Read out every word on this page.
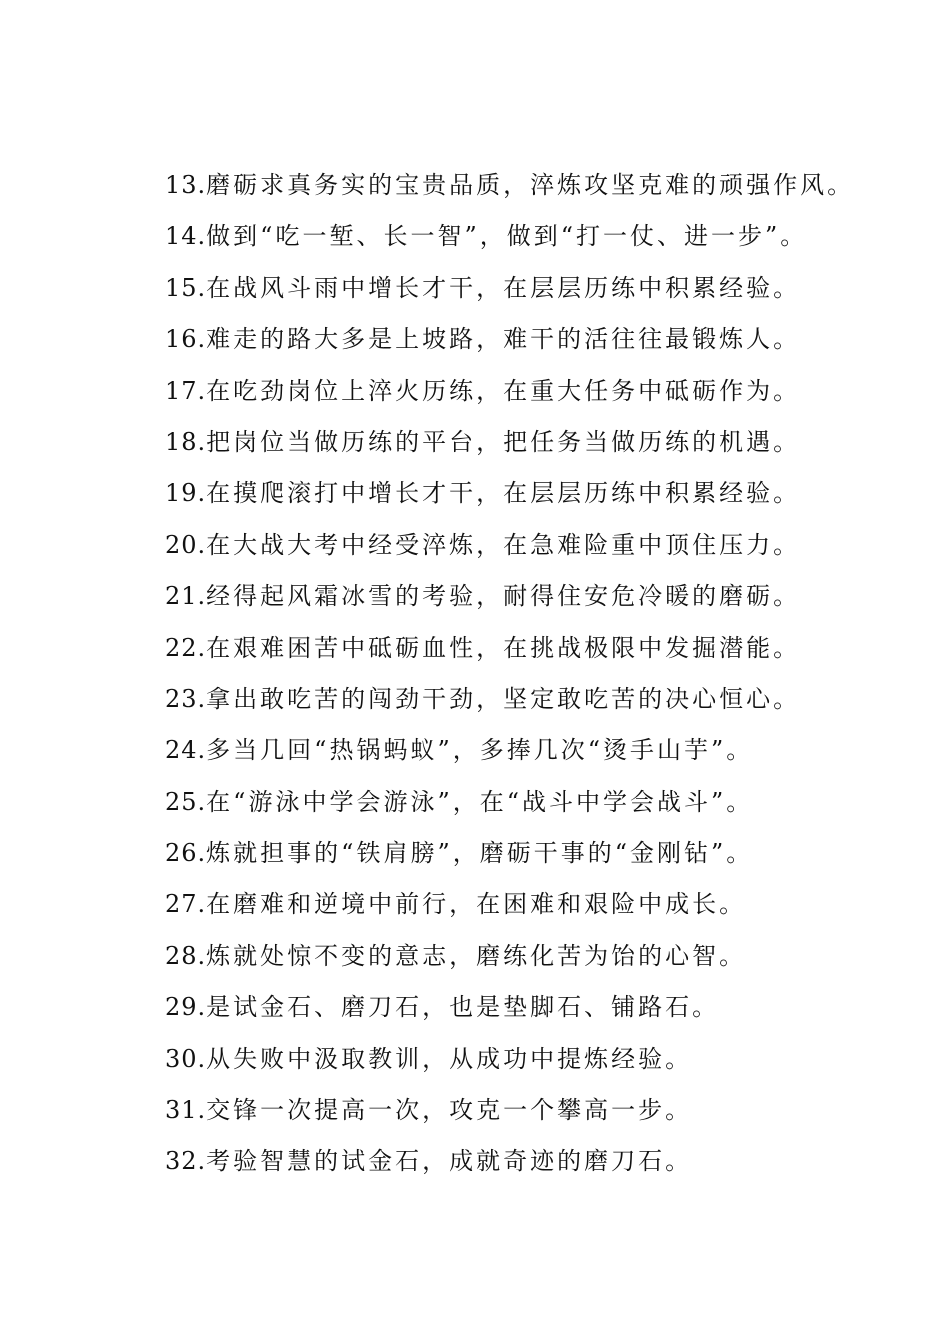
13.磨砺求真务实的宝贵品质，淬炼攻坚克难的顽强作风。
14.做到“吃一堑、长一智”，做到“打一仗、进一步”。
15.在战风斗雨中增长才干，在层层历练中积累经验。
16.难走的路大多是上坡路，难干的活往往最锻炼人。
17.在吃劲岗位上淬火历练，在重大任务中砥砺作为。
18.把岗位当做历练的平台，把任务当做历练的机遇。
19.在摸爬滚打中增长才干，在层层历练中积累经验。
20.在大战大考中经受淬炼，在急难险重中顶住压力。
21.经得起风霜冰雪的考验，耐得住安危冷暖的磨砺。
22.在艰难困苦中砥砺血性，在挑战极限中发掘潜能。
23.拿出敢吃苦的闯劲干劲，坚定敢吃苦的决心恒心。
24.多当几回“热锅蚂蚁”，多捧几次“烫手山芋”。
25.在“游泳中学会游泳”，在“战斗中学会战斗”。
26.炼就担事的“铁肩膀”，磨砺干事的“金刚钻”。
27.在磨难和逆境中前行，在困难和艰险中成长。
28.炼就处惊不变的意志，磨练化苦为饴的心智。
29.是试金石、磨刀石，也是垫脚石、铺路石。
30.从失败中汲取教训，从成功中提炼经验。
31.交锋一次提高一次，攻克一个攀高一步。
32.考验智慧的试金石，成就奇迹的磨刀石。
